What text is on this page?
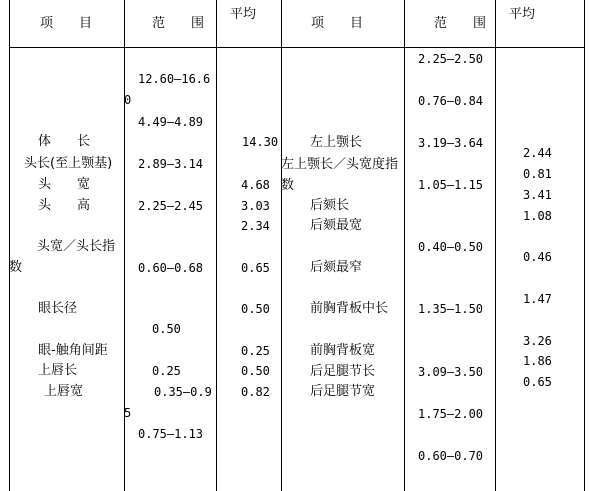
项　　目	范　　围
平均
项　　目	范　　围
平均
12.60—16.60
4.49—4.89
2.89—3.14
2.25—2.45
0.60—0.68
0.50
0.25
0.35—0.95
0.75—1.13
体　　长
头长(至上颚基)
头　　宽
头　　高
头宽／头长指数
眼长径
眼-触角间距
上唇长
上唇宽
14.30
4.68
3.03
2.34
0.65
0.50
0.25
0.50
0.82
2.25—2.50
0.76—0.84
3.19—3.64
1.05—1.15
0.40—0.50
1.35—1.50
3.09—3.50
1.75—2.00
0.60—0.70
左上颚长
左上颚长／头宽度指数
后颏长
后颏最宽
后颏最窄
前胸背板中长
前胸背板宽
后足腿节长
后足腿节宽
2.44
0.81
3.41
1.08
0.46
1.47
3.26
1.86
0.65
